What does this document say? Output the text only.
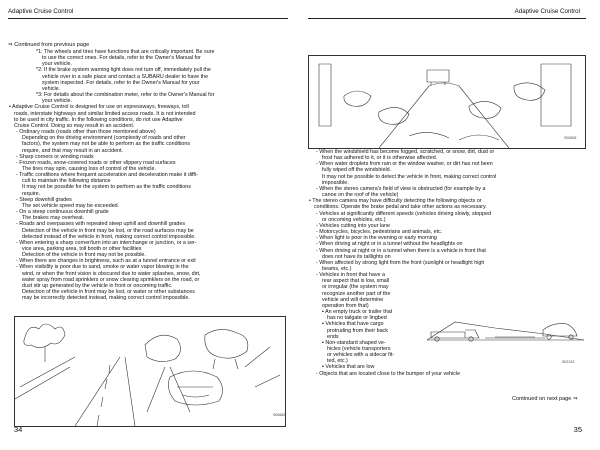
Adaptive Cruise Control	Adaptive Cruise Control
⇒ Continued from previous page

*1: The wheels and tires have functions that are critically important. Be sure

to use the correct ones. For details, refer to the Owner's Manual for

your vehicle.

*2: If the brake system warning light does not turn off, immediately pull the

vehicle over in a safe place and contact a SUBARU dealer to have the

system inspected. For details, refer to the Owner's Manual for your

vehicle.

*3: For details about the combination meter, refer to the Owner's Manual for

your vehicle.

• Adaptive Cruise Control is designed for use on expressways, freeways, toll

roads, interstate highways and similar limited access roads. It is not intended

to be used in city traffic. In the following conditions, do not use Adaptive

Cruise Control. Doing so may result in an accident.

- Ordinary roads (roads other than those mentioned above)

Depending on the driving environment (complexity of roads and other

factors), the system may not be able to perform as the traffic conditions

require, and that may result in an accident.

- Sharp corners or winding roads

- Frozen roads, snow-covered roads or other slippery road surfaces

The tires may spin, causing loss of control of the vehicle.

- Traffic conditions where frequent acceleration and deceleration make it diffi-

cult to maintain the following distance

It may not be possible for the system to perform as the traffic conditions

require.

- Steep downhill grades

The set vehicle speed may be exceeded.

- On a steep continuous downhill grade

The brakes may overheat.

- Roads and overpasses with repeated steep uphill and downhill grades

Detection of the vehicle in front may be lost, or the road surfaces may be

detected instead of the vehicle in front, making correct control impossible.

- When entering a sharp corner/turn into an interchange or junction, or a ser-

vice area, parking area, toll booth or other facilities

Detection of the vehicle in front may not be possible.

- When there are changes in brightness, such as at a tunnel entrance or exit

- When visibility is poor due to sand, smoke or water vapor blowing in the

wind, or when the front vision is obscured due to water splashes, snow, dirt,

water spray from road sprinklers or snow clearing sprinklers on the road, or

dust stir up generated by the vehicle in front or oncoming traffic.

Detection of the vehicle in front may be lost, or water or other substances

may be incorrectly detected instead, making correct control impossible.

S00682
S02808

- When the windshield has become fogged, scratched, or snow, dirt, dust or

frost has adhered to it, or it is otherwise affected.

- When water droplets from rain or the window washer, or dirt has not been

fully wiped off the windshield.

It may not be possible to detect the vehicle in front, making correct control

impossible.

- When the stereo camera's field of view is obstructed (for example by a

canoe on the roof of the vehicle)

• The stereo camera may have difficulty detecting the following objects or

conditions. Operate the brake pedal and take other actions as necessary.

- Vehicles at significantly different speeds (vehicles driving slowly, stopped

or oncoming vehicles, etc.)

- Vehicles cutting into your lane

- Motorcycles, bicycles, pedestrians and animals, etc.

- When light is poor in the evening or early morning

- When driving at night or in a tunnel without the headlights on

- When driving at night or in a tunnel when there is a vehicle in front that

does not have its taillights on

- When affected by strong light from the front (sunlight or headlight high

beams, etc.)

- Vehicles in front that have a

rear aspect that is low, small

or irregular (the system may

recognize another part of the

vehicle and will determine

operation from that)

▪ An empty truck or trailer that

has no tailgate or lingbed

▪ Vehicles that have cargo

protruding from their back

ends

▪ Non-standard shaped ve-

hicles (vehicle transporters

or vehicles with a sidecar fit-

ted, etc.)

▪ Vehicles that are low

- Objects that are located close to the bumper of your vehicle

S02133
Continued on next page ⇒
34	35
